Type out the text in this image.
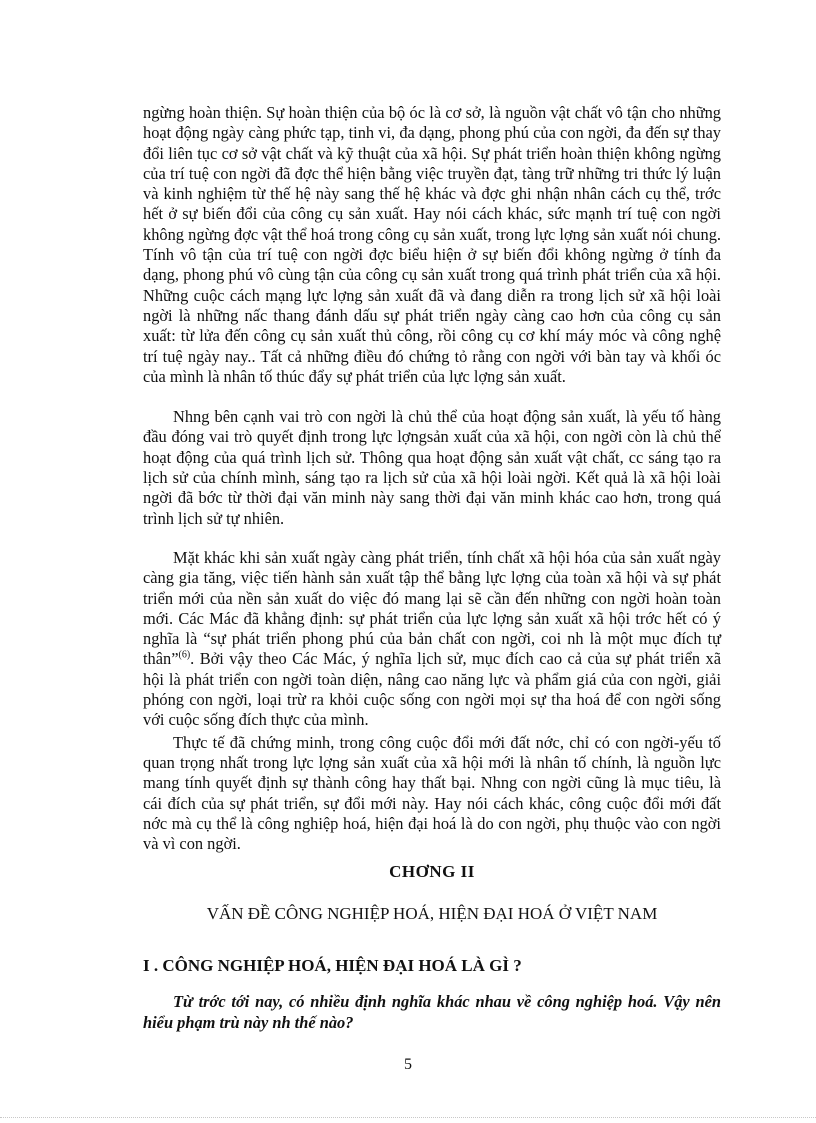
ngừng hoàn thiện. Sự hoàn thiện của bộ óc là cơ sở, là nguồn vật chất vô tận cho những hoạt động ngày càng phức tạp, tinh vi, đa dạng, phong phú của con ngời, đa đến sự thay đổi liên tục cơ sở vật chất và kỹ thuật của xã hội. Sự phát triển hoàn thiện không ngừng của trí tuệ con ngời đã đợc thể hiện bằng việc truyền đạt, tàng trữ những tri thức lý luận và kinh nghiệm từ thế hệ này sang thế hệ khác và đợc ghi nhận nhân cách cụ thể, trớc hết ở sự biến đổi của công cụ sản xuất. Hay nói cách khác, sức mạnh trí tuệ con ngời không ngừng đợc vật thể hoá trong công cụ sản xuất, trong lực lợng sản xuất nói chung. Tính vô tận của trí tuệ con ngời đợc biểu hiện ở sự biến đổi không ngừng ở tính đa dạng, phong phú vô cùng tận của công cụ sản xuất trong quá trình phát triển của xã hội. Những cuộc cách mạng lực lợng sản xuất đã và đang diễn ra trong lịch sử xã hội loài ngời là những nấc thang đánh dấu sự phát triển ngày càng cao hơn của công cụ sản xuất: từ lửa đến công cụ sản xuất thủ công, rồi công cụ cơ khí máy móc và công nghệ trí tuệ ngày nay.. Tất cả những điều đó chứng tỏ rằng con ngời với bàn tay và khối óc của mình là nhân tố thúc đẩy sự phát triển của lực lợng sản xuất.

Nhng bên cạnh vai trò con ngời là chủ thể của hoạt động sản xuất, là yếu tố hàng đầu đóng vai trò quyết định trong lực lợngsản xuất của xã hội, con ngời còn là chủ thể hoạt động của quá trình lịch sử. Thông qua hoạt động sản xuất vật chất, cc sáng tạo ra lịch sử của chính mình, sáng tạo ra lịch sử của xã hội loài ngời. Kết quả là xã hội loài ngời đã bớc từ thời đại văn minh này sang thời đại văn minh khác cao hơn, trong quá trình lịch sử tự nhiên.

Mặt khác khi sản xuất ngày càng phát triển, tính chất xã hội hóa của sản xuất ngày càng gia tăng, việc tiến hành sản xuất tập thể bằng lực lợng của toàn xã hội và sự phát triển mới của nền sản xuất do việc đó mang lại sẽ cần đến những con ngời hoàn toàn mới. Các Mác đã khẳng định: sự phát triển của lực lợng sản xuất xã hội trớc hết có ý nghĩa là “sự phát triển phong phú của bản chất con ngời, coi nh là một mục đích tự thân”$^{(6)}$. Bởi vậy theo Các Mác, ý nghĩa lịch sử, mục đích cao cả của sự phát triển xã hội là phát triển con ngời toàn diện, nâng cao năng lực và phẩm giá của con ngời, giải phóng con ngời, loại trừ ra khỏi cuộc sống con ngời mọi sự tha hoá để con ngời sống với cuộc sống đích thực của mình.

Thực tế đã chứng minh, trong công cuộc đổi mới đất nớc, chỉ có con ngời-yếu tố quan trọng nhất trong lực lợng sản xuất của xã hội mới là nhân tố chính, là nguồn lực mang tính quyết định sự thành công hay thất bại. Nhng con ngời cũng là mục tiêu, là cái đích của sự phát triển, sự đổi mới này. Hay nói cách khác, công cuộc đổi mới đất nớc mà cụ thể là công nghiệp hoá, hiện đại hoá là do con ngời, phụ thuộc vào con ngời và vì con ngời.

CHƠNG II
VẤN ĐỀ CÔNG NGHIỆP HOÁ, HIỆN ĐẠI HOÁ Ở VIỆT NAM
I . CÔNG NGHIỆP HOÁ, HIỆN ĐẠI HOÁ LÀ GÌ ?

Từ trớc tới nay, có nhiều định nghĩa khác nhau về công nghiệp hoá. Vậy nên hiểu phạm trù này nh thế nào?

5
